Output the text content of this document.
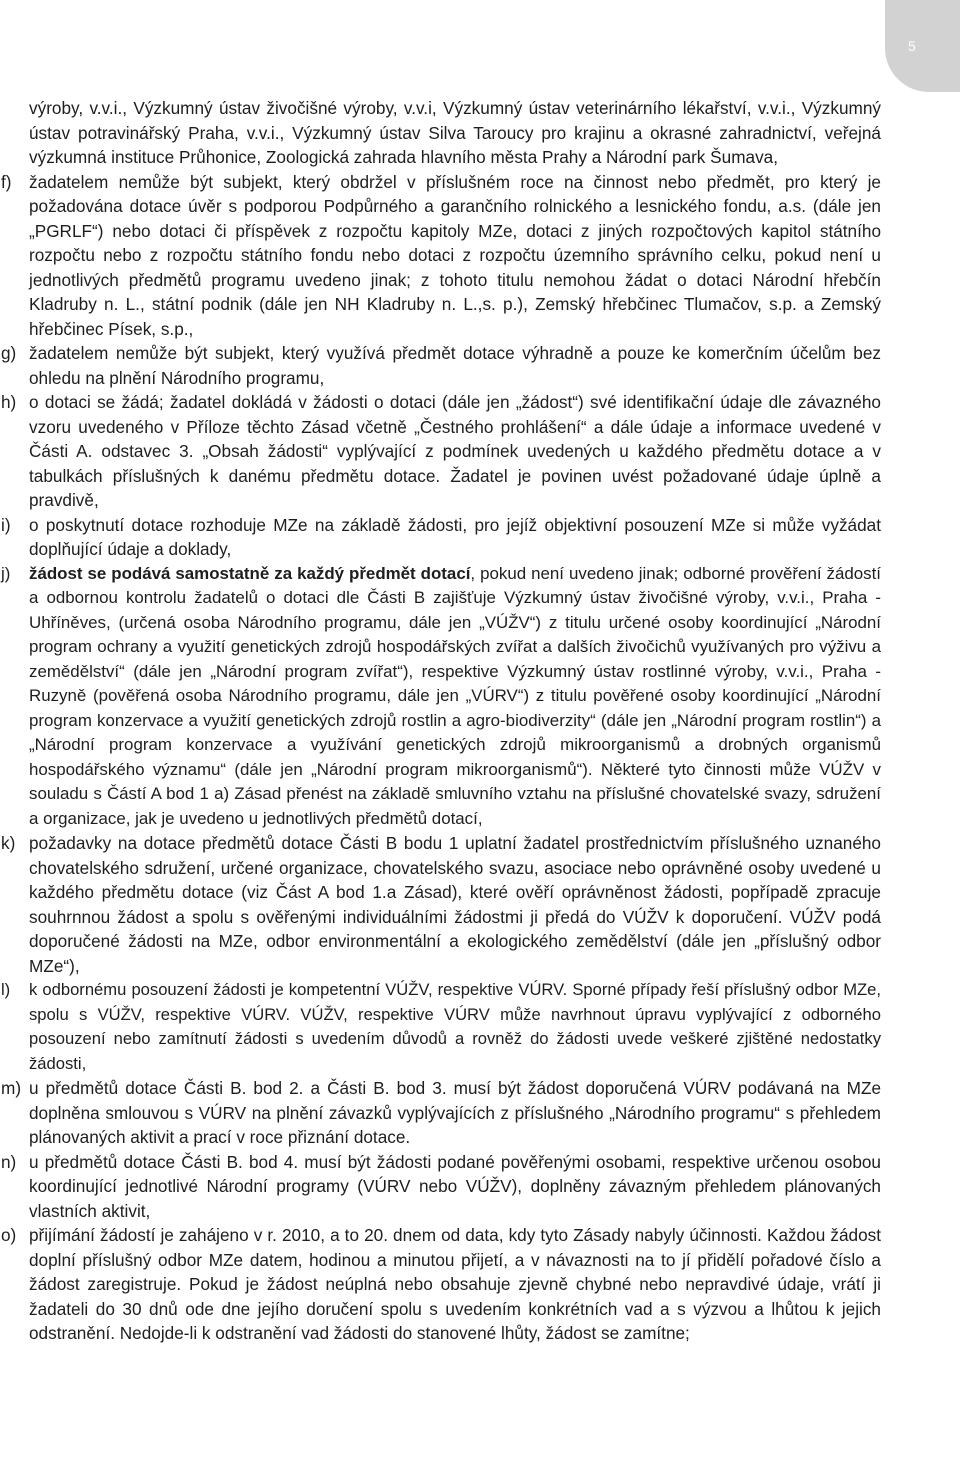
5

výroby, v.v.i., Výzkumný ústav živočišné výroby, v.v.i, Výzkumný ústav veterinárního lékařství, v.v.i., Výzkumný ústav potravinářský Praha, v.v.i., Výzkumný ústav Silva Taroucy pro krajinu a okrasné zahradnictví, veřejná výzkumná instituce Průhonice, Zoologická zahrada hlavního města Prahy a Národní park Šumava,

f) žadatelem nemůže být subjekt, který obdržel v příslušném roce na činnost nebo předmět, pro který je požadována dotace úvěr s podporou Podpůrného a garančního rolnického a lesnického fondu, a.s. (dále jen „PGRLF“) nebo dotaci či příspěvek z rozpočtu kapitoly MZe, dotaci z jiných rozpočtových kapitol státního rozpočtu nebo z rozpočtu státního fondu nebo dotaci z rozpočtu územního správního celku, pokud není u jednotlivých předmětů programu uvedeno jinak; z tohoto titulu nemohou žádat o dotaci Národní hřebčín Kladruby n. L., státní podnik (dále jen NH Kladruby n. L.,s. p.), Zemský hřebčinec Tlumačov, s.p. a Zemský hřebčinec Písek, s.p.,
g) žadatelem nemůže být subjekt, který využívá předmět dotace výhradně a pouze ke komerčním účelům bez ohledu na plnění Národního programu,
h) o dotaci se žádá; žadatel dokládá v žádosti o dotaci (dále jen „žádost“) své identifikační údaje dle závazného vzoru uvedeného v Příloze těchto Zásad včetně „Čestného prohlášení“ a dále údaje a informace uvedené v Části A. odstavec 3. „Obsah žádosti“ vyplývající z podmínek uvedených u každého předmětu dotace a v tabulkách příslušných k danému předmětu dotace. Žadatel je povinen uvést požadované údaje úplně a pravdivě,
i) o poskytnutí dotace rozhoduje MZe na základě žádosti, pro jejíž objektivní posouzení MZe si může vyžádat doplňující údaje a doklady,
j) žádost se podává samostatně za každý předmět dotací, pokud není uvedeno jinak; odborné prověření žádostí a odbornou kontrolu žadatelů o dotaci dle Části B zajišťuje Výzkumný ústav živočišné výroby, v.v.i., Praha - Uhříněves, (určená osoba Národního programu, dále jen „VÚŽV“) z titulu určené osoby koordinující „Národní program ochrany a využití genetických zdrojů hospodářských zvířat a dalších živočichů využívaných pro výživu a zemědělství“ (dále jen „Národní program zvířat“), respektive Výzkumný ústav rostlinné výroby, v.v.i., Praha - Ruzyně (pověřená osoba Národního programu, dále jen „VÚRV“) z titulu pověřené osoby koordinující „Národní program konzervace a využití genetických zdrojů rostlin a agro-biodiverzity“ (dále jen „Národní program rostlin“) a „Národní program konzervace a využívání genetických zdrojů mikroorganismů a drobných organismů hospodářského významu“ (dále jen „Národní program mikroorganismů“). Některé tyto činnosti může VÚŽV v souladu s Částí A bod 1 a) Zásad přenést na základě smluvního vztahu na příslušné chovatelské svazy, sdružení a organizace, jak je uvedeno u jednotlivých předmětů dotací,
k) požadavky na dotace předmětů dotace Části B bodu 1 uplatní žadatel prostřednictvím příslušného uznaného chovatelského sdružení, určené organizace, chovatelského svazu, asociace nebo oprávněné osoby uvedené u každého předmětu dotace (viz Část A bod 1.a Zásad), které ověří oprávněnost žádosti, popřípadě zpracuje souhrnnou žádost a spolu s ověřenými individuálními žádostmi ji předá do VÚŽV k doporučení. VÚŽV podá doporučené žádosti na MZe, odbor environmentální a ekologického zemědělství (dále jen „příslušný odbor MZe“),
l) k odbornému posouzení žádosti je kompetentní VÚŽV, respektive VÚRV. Sporné případy řeší příslušný odbor MZe, spolu s VÚŽV, respektive VÚRV. VÚŽV, respektive VÚRV může navrhnout úpravu vyplývající z odborného posouzení nebo zamítnutí žádosti s uvedením důvodů a rovněž do žádosti uvede veškeré zjištěné nedostatky žádosti,
m) u předmětů dotace Části B. bod 2. a Části B. bod 3. musí být žádost doporučená VÚRV podávaná na MZe doplněna smlouvou s VÚRV na plnění závazků vyplývajících z příslušného „Národního programu“ s přehledem plánovaných aktivit a prací v roce přiznání dotace.
n) u předmětů dotace Části B. bod 4. musí být žádosti podané pověřenými osobami, respektive určenou osobou koordinující jednotlivé Národní programy (VÚRV nebo VÚŽV), doplněny závazným přehledem plánovaných vlastních aktivit,
o) přijímání žádostí je zahájeno v r. 2010, a to 20. dnem od data, kdy tyto Zásady nabyly účinnosti. Každou žádost doplní příslušný odbor MZe datem, hodinou a minutou přijetí, a v návaznosti na to jí přidělí pořadové číslo a žádost zaregistruje. Pokud je žádost neúplná nebo obsahuje zjevně chybné nebo nepravdivé údaje, vrátí ji žadateli do 30 dnů ode dne jejího doručení spolu s uvedením konkrétních vad a s výzvou a lhůtou k jejich odstranění. Nedojde-li k odstranění vad žádosti do stanovené lhůty, žádost se zamítne;
